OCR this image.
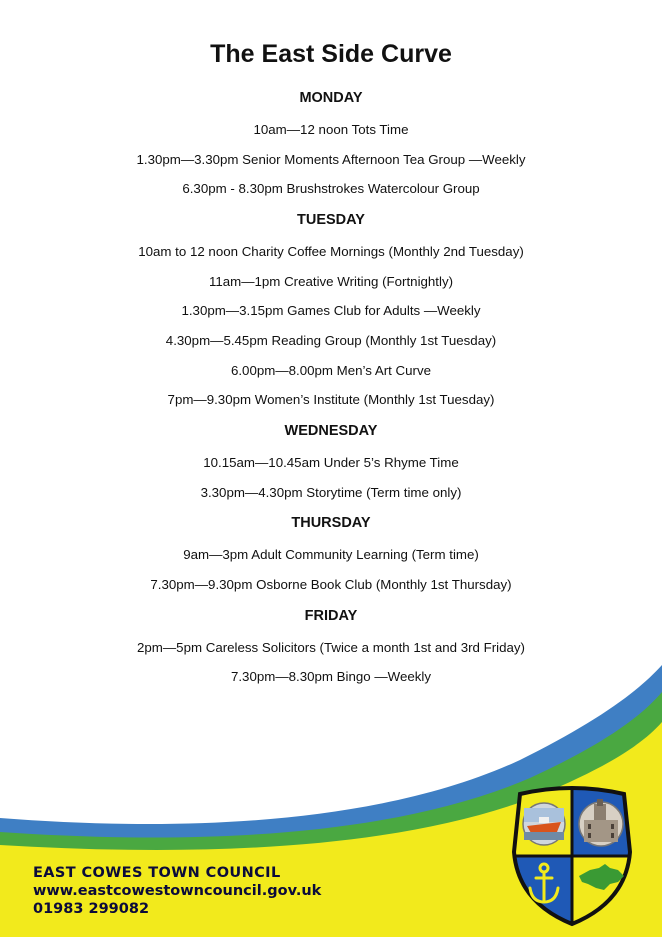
The East Side Curve
MONDAY

10am—12 noon Tots Time

1.30pm—3.30pm Senior Moments Afternoon Tea Group —Weekly

6.30pm - 8.30pm Brushstrokes Watercolour Group

TUESDAY

10am to 12 noon Charity Coffee Mornings (Monthly 2nd Tuesday)

11am—1pm Creative Writing (Fortnightly)

1.30pm—3.15pm Games Club for Adults —Weekly

4.30pm—5.45pm Reading Group (Monthly 1st Tuesday)

6.00pm—8.00pm Men’s Art Curve

7pm—9.30pm Women’s Institute (Monthly 1st Tuesday)

WEDNESDAY

10.15am—10.45am Under 5’s Rhyme Time

3.30pm—4.30pm Storytime (Term time only)

THURSDAY

9am—3pm Adult Community Learning (Term time)

7.30pm—9.30pm Osborne Book Club (Monthly 1st Thursday)

FRIDAY

2pm—5pm Careless Solicitors (Twice a month 1st and 3rd Friday)

7.30pm—8.30pm Bingo —Weekly

EAST COWES TOWN COUNCIL
www.eastcowestowncouncil.gov.uk
01983 299082
